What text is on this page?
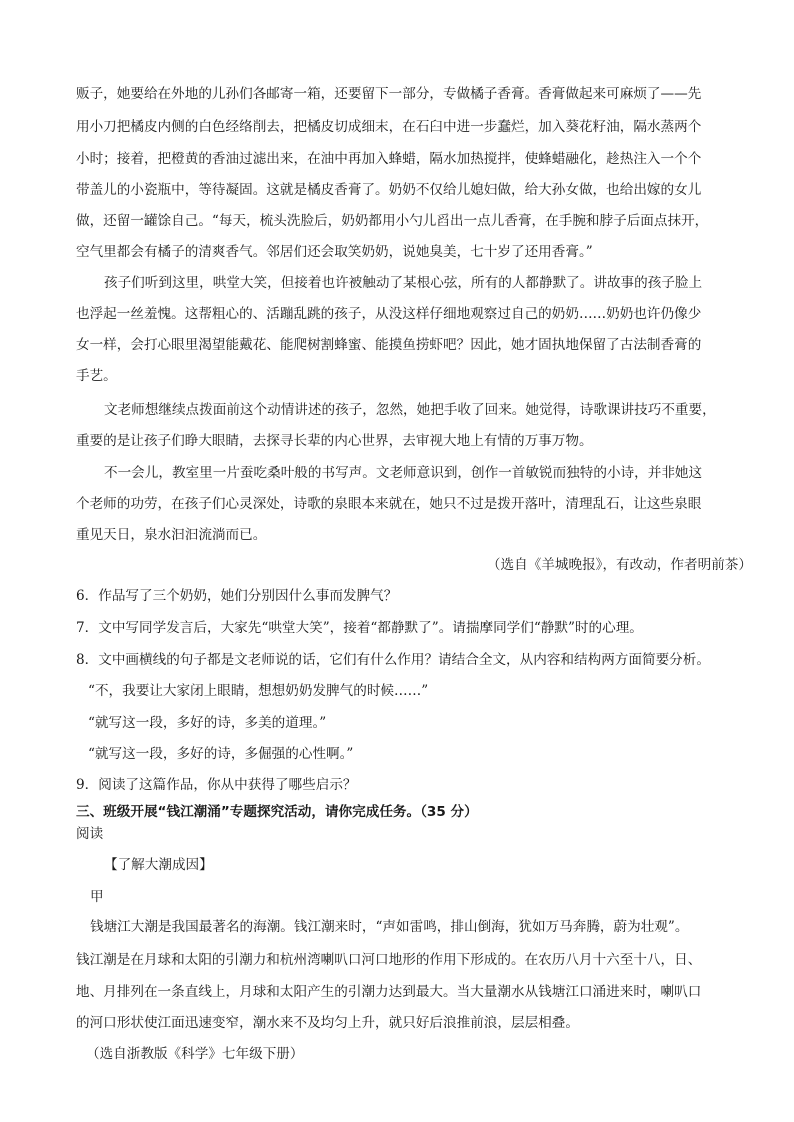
贩子，她要给在外地的儿孙们各邮寄一箱，还要留下一部分，专做橘子香膏。香膏做起来可麻烦了——先
用小刀把橘皮内侧的白色经络削去，把橘皮切成细末，在石臼中进一步蠢烂，加入葵花籽油，隔水蒸两个
小时；接着，把橙黄的香油过滤出来，在油中再加入蜂蜡，隔水加热搅拌，使蜂蜡融化，趁热注入一个个
带盖儿的小瓷瓶中，等待凝固。这就是橘皮香膏了。奶奶不仅给儿媳妇做，给大孙女做，也给出嫁的女儿
做，还留一罐馀自己。“每天，梳头洗脸后，奶奶都用小勺儿舀出一点儿香膏，在手腕和脖子后面点抹开，
空气里都会有橘子的清爽香气。邻居们还会取笑奶奶，说她臭美，七十岁了还用香膏。”
孩子们听到这里，哄堂大笑，但接着也许被触动了某根心弦，所有的人都静默了。讲故事的孩子脸上
也浮起一丝羞愧。这帮粗心的、活蹦乱跳的孩子，从没这样仔细地观察过自己的奶奶……奶奶也许仍像少
女一样，会打心眼里渴望能戴花、能爬树割蜂蜜、能摸鱼捞虾吧？因此，她才固执地保留了古法制香膏的
手艺。
文老师想继续点拨面前这个动情讲述的孩子，忽然，她把手收了回来。她觉得，诗歌课讲技巧不重要，
重要的是让孩子们睁大眼睛，去探寻长辈的内心世界，去审视大地上有情的万事万物。
不一会儿，教室里一片蚕吃桑叶般的书写声。文老师意识到，创作一首敏锐而独特的小诗，并非她这
个老师的功劳，在孩子们心灵深处，诗歌的泉眼本来就在，她只不过是拨开落叶，清理乱石，让这些泉眼
重见天日，泉水汩汩流淌而已。
（选自《羊城晚报》，有改动，作者明前茶）
6．作品写了三个奶奶，她们分别因什么事而发脾气？
7．文中写同学发言后，大家先“哄堂大笑”，接着“都静默了”。请揣摩同学们“静默”时的心理。
8．文中画横线的句子都是文老师说的话，它们有什么作用？请结合全文，从内容和结构两方面简要分析。
“不，我要让大家闭上眼睛，想想奶奶发脾气的时候……”
“就写这一段，多好的诗，多美的道理。”
“就写这一段，多好的诗，多倔强的心性啊。”
9．阅读了这篇作品，你从中获得了哪些启示？
三、班级开展“钱江潮涌”专题探究活动，请你完成任务。（35 分）
阅读
【了解大潮成因】
甲
钱塘江大潮是我国最著名的海潮。钱江潮来时，“声如雷鸣，排山倒海，犹如万马奔腾，蔚为壮观”。
钱江潮是在月球和太阳的引潮力和杭州湾喇叭口河口地形的作用下形成的。在农历八月十六至十八，日、
地、月排列在一条直线上，月球和太阳产生的引潮力达到最大。当大量潮水从钱塘江口涌进来时，喇叭口
的河口形状使江面迅速变窄，潮水来不及均匀上升，就只好后浪推前浪，层层相叠。
（选自浙教版《科学》七年级下册）
